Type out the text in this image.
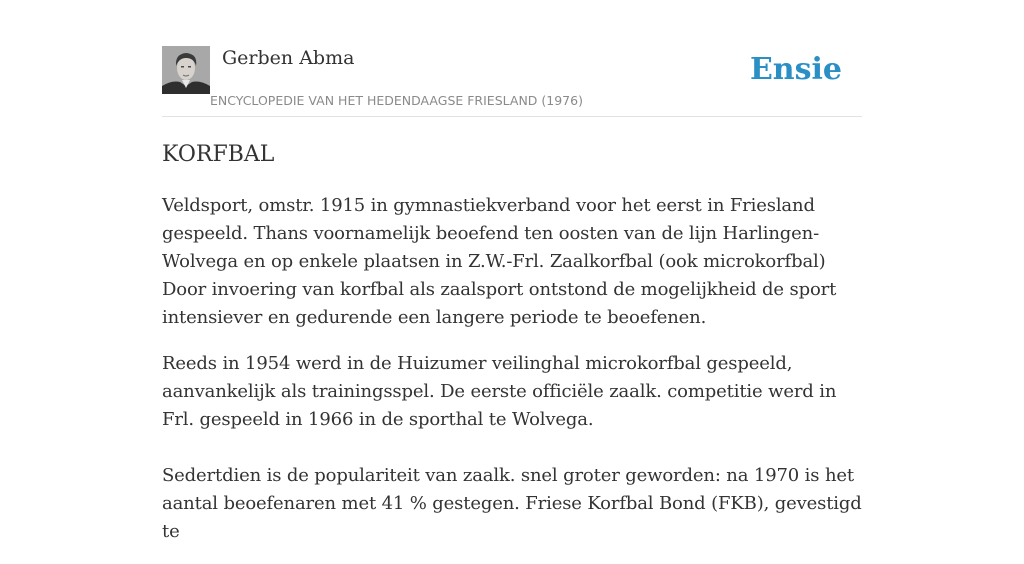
Gerben Abma
ENCYCLOPEDIE VAN HET HEDENDAAGSE FRIESLAND (1976)
Ensie
KORFBAL

Veldsport, omstr. 1915 in gymnastiekverband voor het eerst in Friesland gespeeld. Thans voornamelijk beoefend ten oosten van de lijn Harlingen-Wolvega en op enkele plaatsen in Z.W.-Frl. Zaalkorfbal (ook microkorfbal) Door invoering van korfbal als zaalsport ontstond de mogelijkheid de sport intensiever en gedurende een langere periode te beoefenen.

Reeds in 1954 werd in de Huizumer veilinghal microkorfbal gespeeld, aanvankelijk als trainingsspel. De eerste officiële zaalk. competitie werd in Frl. gespeeld in 1966 in de sporthal te Wolvega.

Sedertdien is de populariteit van zaalk. snel groter geworden: na 1970 is het aantal beoefenaren met 41 % gestegen. Friese Korfbal Bond (FKB), gevestigd te
